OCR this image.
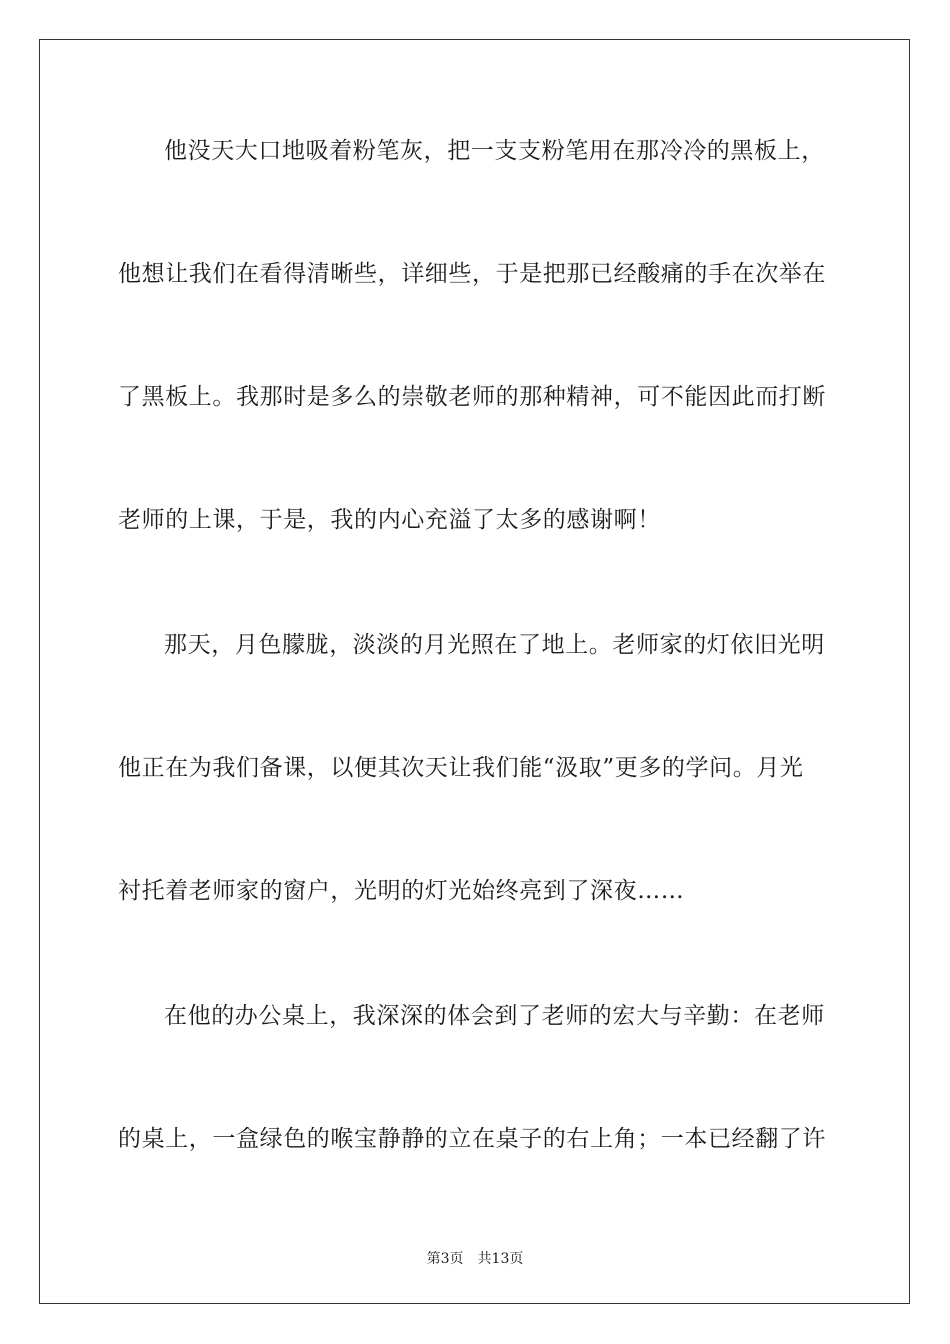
他没天大口地吸着粉笔灰，把一支支粉笔用在那冷冷的黑板上，
他想让我们在看得清晰些，详细些，于是把那已经酸痛的手在次举在
了黑板上。我那时是多么的崇敬老师的那种精神，可不能因此而打断
老师的上课，于是，我的内心充溢了太多的感谢啊！
那天，月色朦胧，淡淡的月光照在了地上。老师家的灯依旧光明
他正在为我们备课，以便其次天让我们能“汲取”更多的学问。月光
衬托着老师家的窗户，光明的灯光始终亮到了深夜……
在他的办公桌上，我深深的体会到了老师的宏大与辛勤：在老师
的桌上，一盒绿色的喉宝静静的立在桌子的右上角；一本已经翻了许
第3页 共13页
